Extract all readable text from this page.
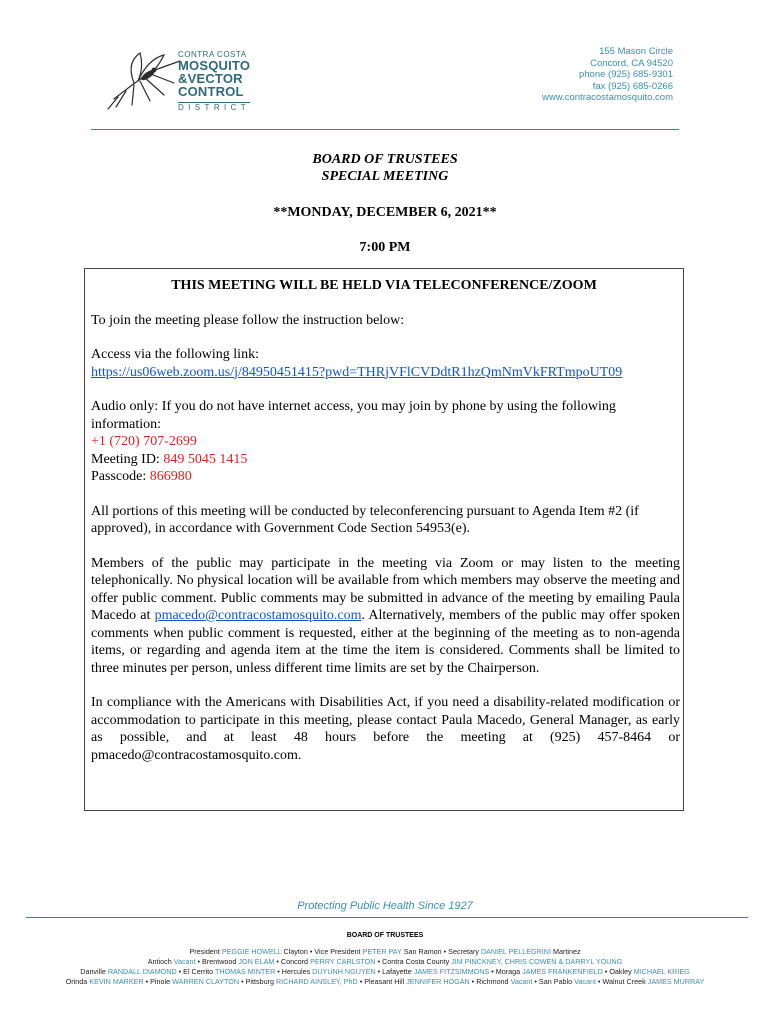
CONTRA COSTA
MOSQUITO
&VECTOR
CONTROL
DISTRICT
155 Mason Circle
Concord, CA 94520
phone (925) 685-9301
fax (925) 685-0266
www.contracostamosquito.com
BOARD OF TRUSTEES
SPECIAL MEETING
**MONDAY, DECEMBER 6, 2021**
7:00 PM
THIS MEETING WILL BE HELD VIA TELECONFERENCE/ZOOM

To join the meeting please follow the instruction below:

Access via the following link:

https://us06web.zoom.us/j/84950451415?pwd=THRjVFlCVDdtR1hzQmNmVkFRTmpoUT09

Audio only: If you do not have internet access, you may join by phone by using the following information:

+1 (720) 707-2699

Meeting ID: 849 5045 1415

Passcode: 866980

All portions of this meeting will be conducted by teleconferencing pursuant to Agenda Item #2 (if approved), in accordance with Government Code Section 54953(e).

Members of the public may participate in the meeting via Zoom or may listen to the meeting telephonically. No physical location will be available from which members may observe the meeting and offer public comment. Public comments may be submitted in advance of the meeting by emailing Paula Macedo at pmacedo@contracostamosquito.com. Alternatively, members of the public may offer spoken comments when public comment is requested, either at the beginning of the meeting as to non-agenda items, or regarding and agenda item at the time the item is considered. Comments shall be limited to three minutes per person, unless different time limits are set by the Chairperson.

In compliance with the Americans with Disabilities Act, if you need a disability-related modification or accommodation to participate in this meeting, please contact Paula Macedo, General Manager, as early as possible, and at least 48 hours before the meeting at (925) 457-8464 or pmacedo@contracostamosquito.com.

Protecting Public Health Since 1927
BOARD OF TRUSTEES
President PEGGIE HOWELL Clayton • Vice President PETER PAY San Ramon • Secretary DANIEL PELLEGRINI Martinez
Antioch Vacant • Brentwood JON ELAM • Concord PERRY CARLSTON • Contra Costa County JIM PINCKNEY, CHRIS COWEN & DARRYL YOUNG
Danville RANDALL DIAMOND • El Cerrito THOMAS MINTER • Hercules DUYUNH NGUYEN • Lafayette JAMES FITZSIMMONS • Moraga JAMES FRANKENFIELD • Oakley MICHAEL KRIEG
Orinda KEVIN MARKER • Pinole WARREN CLAYTON • Pittsburg RICHARD AINSLEY, PhD • Pleasant Hill JENNIFER HOGAN • Richmond Vacant • San Pablo Vacant • Walnut Creek JAMES MURRAY
